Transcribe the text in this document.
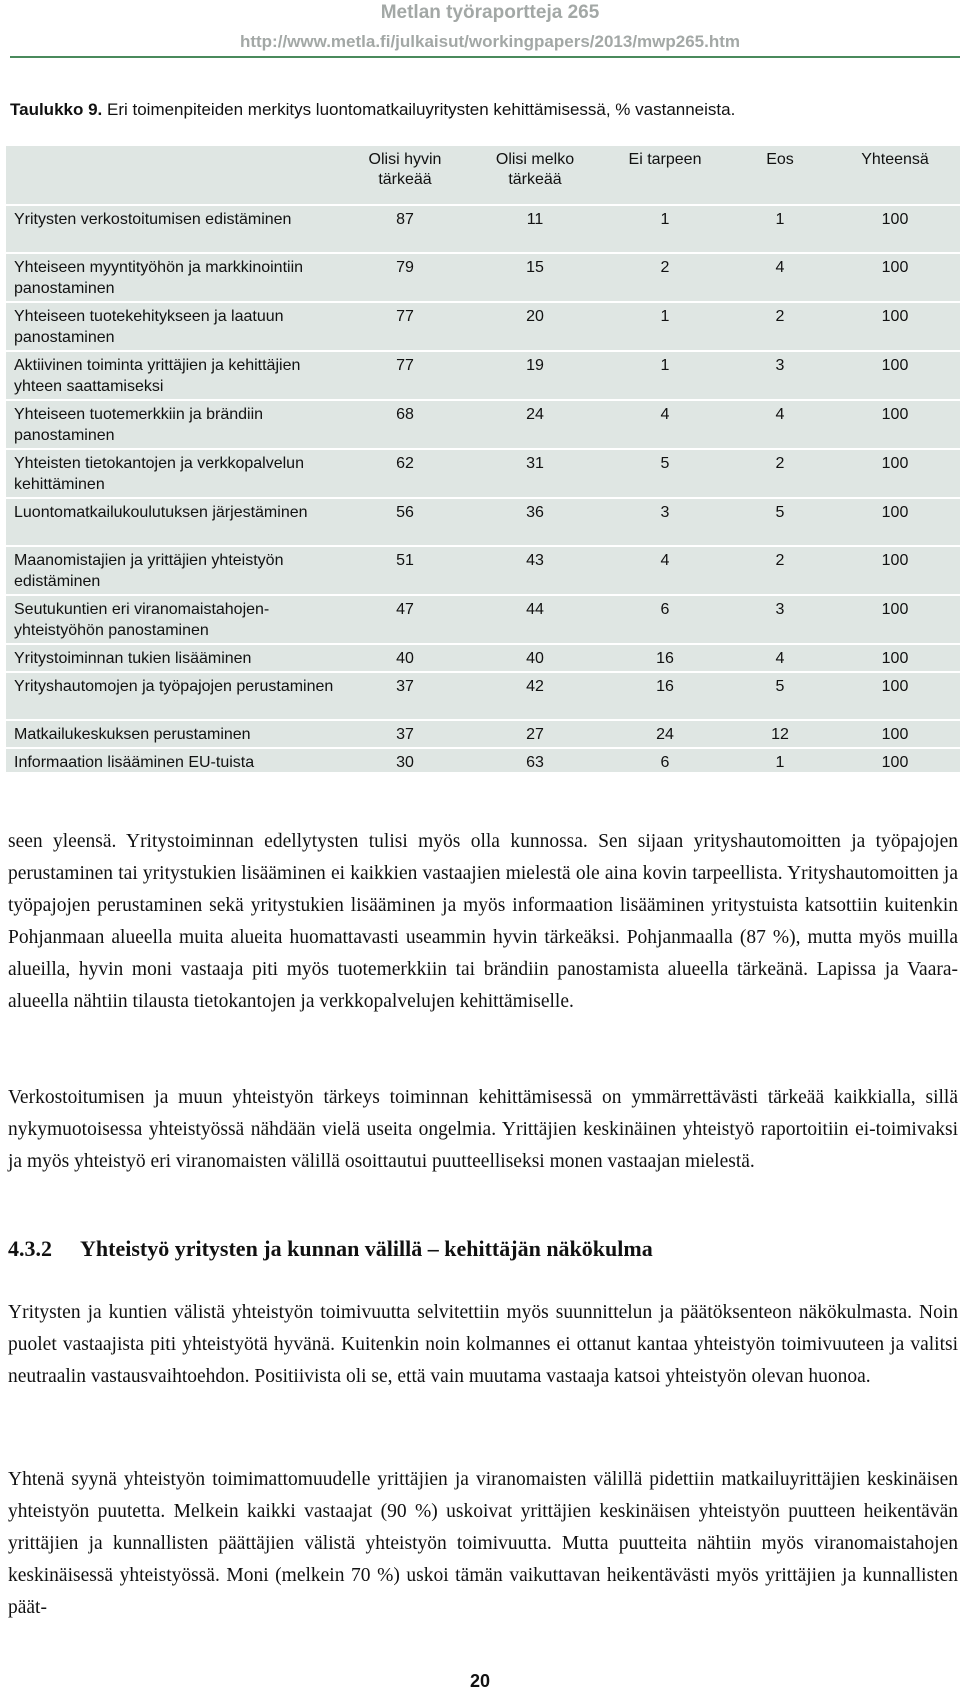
Metlan työraportteja 265
http://www.metla.fi/julkaisut/workingpapers/2013/mwp265.htm
Taulukko 9. Eri toimenpiteiden merkitys luontomatkailuyritysten kehittämisessä, % vastanneista.
	Olisi hyvin tärkeää	Olisi melko tärkeää	Ei tarpeen	Eos	Yhteensä
Yritysten verkostoitumisen edistäminen	87	11	1	1	100
Yhteiseen myyntityöhön ja markkinointiin panostaminen	79	15	2	4	100
Yhteiseen tuotekehitykseen ja laatuun panostaminen	77	20	1	2	100
Aktiivinen toiminta yrittäjien ja kehittäjien yhteen saattamiseksi	77	19	1	3	100
Yhteiseen tuotemerkkiin ja brändiin panostaminen	68	24	4	4	100
Yhteisten tietokantojen ja verkkopalvelun kehittäminen	62	31	5	2	100
Luontomatkailukoulutuksen järjestäminen	56	36	3	5	100
Maanomistajien ja yrittäjien yhteistyön edistäminen	51	43	4	2	100
Seutukuntien eri viranomaistahojen-yhteistyöhön panostaminen	47	44	6	3	100
Yritystoiminnan tukien lisääminen	40	40	16	4	100
Yrityshautomojen ja työpajojen perustaminen	37	42	16	5	100
Matkailukeskuksen perustaminen	37	27	24	12	100
Informaation lisääminen EU-tuista	30	63	6	1	100

seen yleensä. Yritystoiminnan edellytysten tulisi myös olla kunnossa. Sen sijaan yrityshautomoitten ja työpajojen perustaminen tai yritystukien lisääminen ei kaikkien vastaajien mielestä ole aina kovin tarpeellista. Yrityshautomoitten ja työpajojen perustaminen sekä yritystukien lisääminen ja myös informaation lisääminen yritystuista katsottiin kuitenkin Pohjanmaan alueella muita alueita huomattavasti useammin hyvin tärkeäksi. Pohjanmaalla (87 %), mutta myös muilla alueilla, hyvin moni vastaaja piti myös tuotemerkkiin tai brändiin panostamista alueella tärkeänä. Lapissa ja Vaara-alueella nähtiin tilausta tietokantojen ja verkkopalvelujen kehittämiselle.

Verkostoitumisen ja muun yhteistyön tärkeys toiminnan kehittämisessä on ymmärrettävästi tärkeää kaikkialla, sillä nykymuotoisessa yhteistyössä nähdään vielä useita ongelmia. Yrittäjien keskinäinen yhteistyö raportoitiin ei-toimivaksi ja myös yhteistyö eri viranomaisten välillä osoittautui puutteelliseksi monen vastaajan mielestä.

4.3.2 Yhteistyö yritysten ja kunnan välillä – kehittäjän näkökulma

Yritysten ja kuntien välistä yhteistyön toimivuutta selvitettiin myös suunnittelun ja päätöksenteon näkökulmasta. Noin puolet vastaajista piti yhteistyötä hyvänä. Kuitenkin noin kolmannes ei ottanut kantaa yhteistyön toimivuuteen ja valitsi neutraalin vastausvaihtoehdon. Positiivista oli se, että vain muutama vastaaja katsoi yhteistyön olevan huonoa.

Yhtenä syynä yhteistyön toimimattomuudelle yrittäjien ja viranomaisten välillä pidettiin matkailuyrittäjien keskinäisen yhteistyön puutetta. Melkein kaikki vastaajat (90 %) uskoivat yrittäjien keskinäisen yhteistyön puutteen heikentävän yrittäjien ja kunnallisten päättäjien välistä yhteistyön toimivuutta. Mutta puutteita nähtiin myös viranomaistahojen keskinäisessä yhteistyössä. Moni (melkein 70 %) uskoi tämän vaikuttavan heikentävästi myös yrittäjien ja kunnallisten päät-

20
